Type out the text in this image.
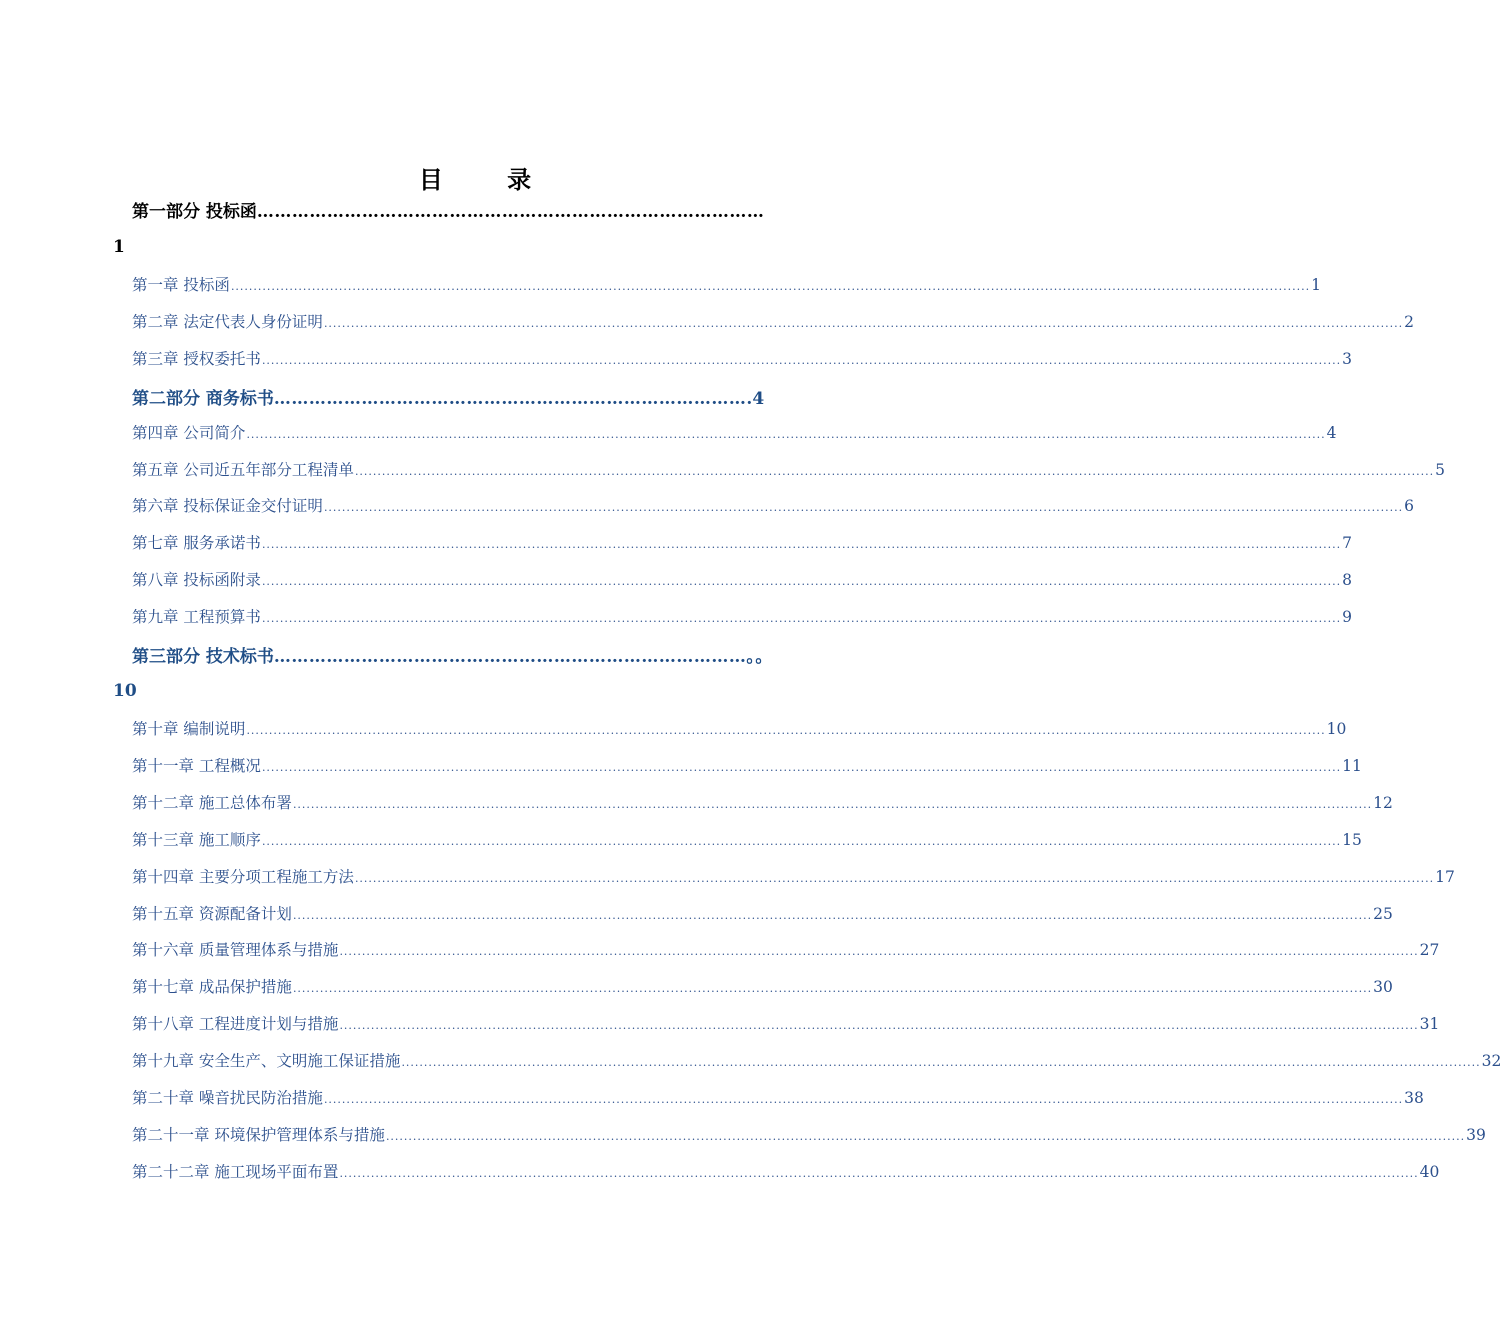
目 录
第一部分 投标函……………………………………………………………………………
1
第二部分 商务标书……………………………………………………………………….4
第三部分 技术标书………………………………………………………………………。。
10
第一章 投标函 ................................................................................................................................................................................................................................................ 1
第二章 法定代表人身份证明 ................................................................................................................................................................................................................................................ 2
第三章 授权委托书 ................................................................................................................................................................................................................................................ 3
第四章 公司简介 ................................................................................................................................................................................................................................................ 4
第五章 公司近五年部分工程清单 ................................................................................................................................................................................................................................................ 5
第六章 投标保证金交付证明 ................................................................................................................................................................................................................................................ 6
第七章 服务承诺书 ................................................................................................................................................................................................................................................ 7
第八章 投标函附录 ................................................................................................................................................................................................................................................ 8
第九章 工程预算书 ................................................................................................................................................................................................................................................ 9
第十章 编制说明 ................................................................................................................................................................................................................................................ 10
第十一章 工程概况 ................................................................................................................................................................................................................................................ 11
第十二章 施工总体布署 ................................................................................................................................................................................................................................................ 12
第十三章 施工顺序 ................................................................................................................................................................................................................................................ 15
第十四章 主要分项工程施工方法 ................................................................................................................................................................................................................................................ 17
第十五章 资源配备计划 ................................................................................................................................................................................................................................................ 25
第十六章 质量管理体系与措施 ................................................................................................................................................................................................................................................ 27
第十七章 成品保护措施 ................................................................................................................................................................................................................................................ 30
第十八章 工程进度计划与措施 ................................................................................................................................................................................................................................................ 31
第十九章 安全生产、文明施工保证措施 ................................................................................................................................................................................................................................................ 32
第二十章 噪音扰民防治措施 ................................................................................................................................................................................................................................................ 38
第二十一章 环境保护管理体系与措施 ................................................................................................................................................................................................................................................ 39
第二十二章 施工现场平面布置 ................................................................................................................................................................................................................................................ 40
